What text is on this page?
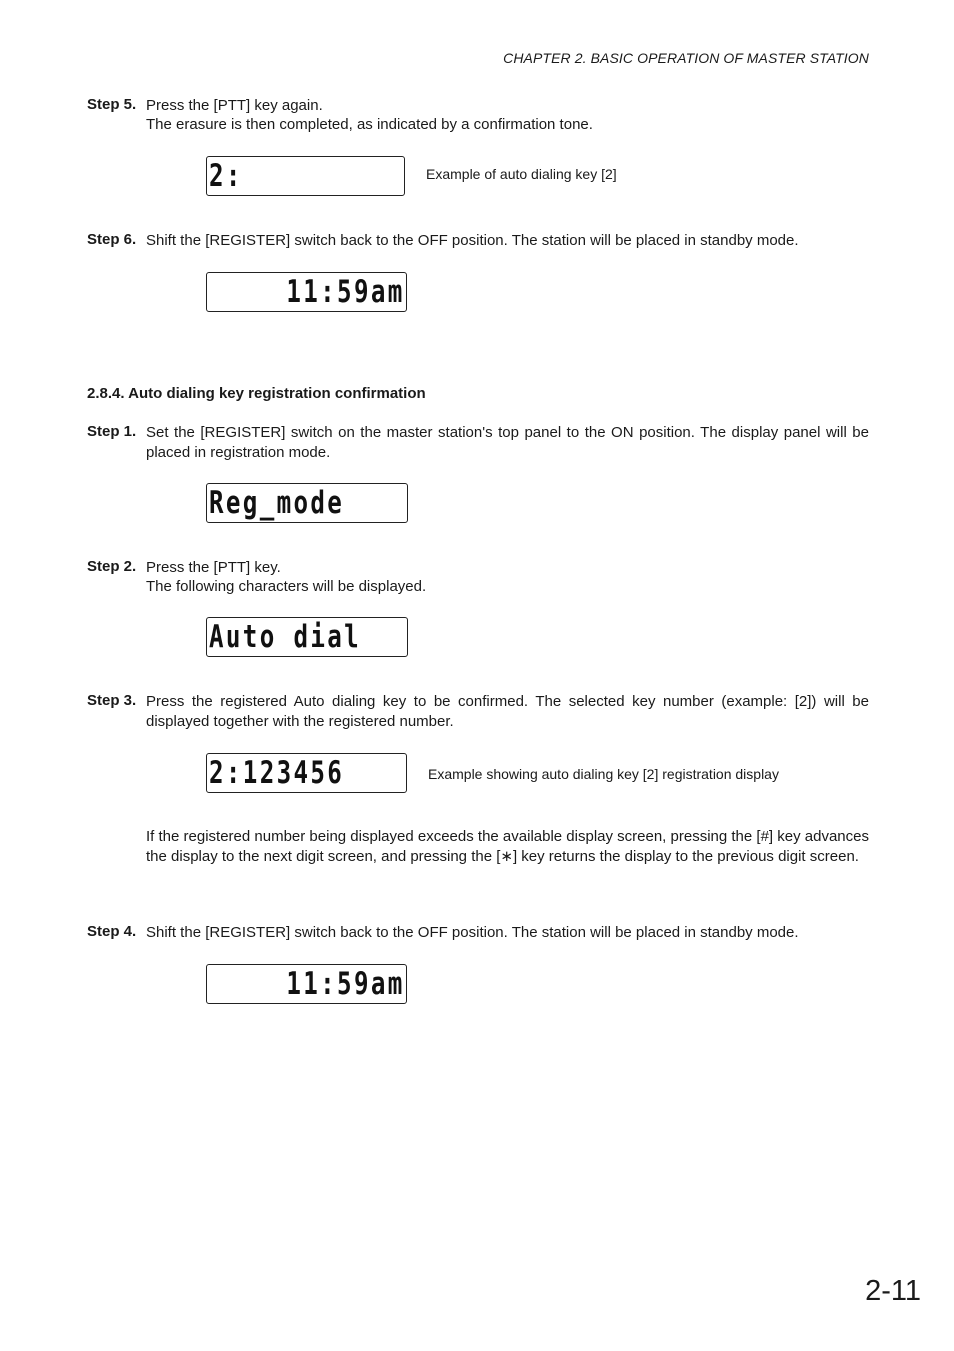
CHAPTER 2. BASIC OPERATION OF MASTER STATION
Step 5. Press the [PTT] key again.
The erasure is then completed, as indicated by a confirmation tone.
2:	Example of auto dialing key [2]
Step 6. Shift the [REGISTER] switch back to the OFF position. The station will be placed in standby mode.
11:59am
2.8.4. Auto dialing key registration confirmation
Step 1. Set the [REGISTER] switch on the master station's top panel to the ON position. The display panel will be placed in registration mode.
Reg_mode
Step 2. Press the [PTT] key.
The following characters will be displayed.
Auto dial
Step 3. Press the registered Auto dialing key to be confirmed. The selected key number (example: [2]) will be displayed together with the registered number.
2:123456	Example showing auto dialing key [2] registration display
If the registered number being displayed exceeds the available display screen, pressing the [#] key advances the display to the next digit screen, and pressing the [∗] key returns the display to the previous digit screen.
Step 4. Shift the [REGISTER] switch back to the OFF position. The station will be placed in standby mode.
11:59am
2-11
